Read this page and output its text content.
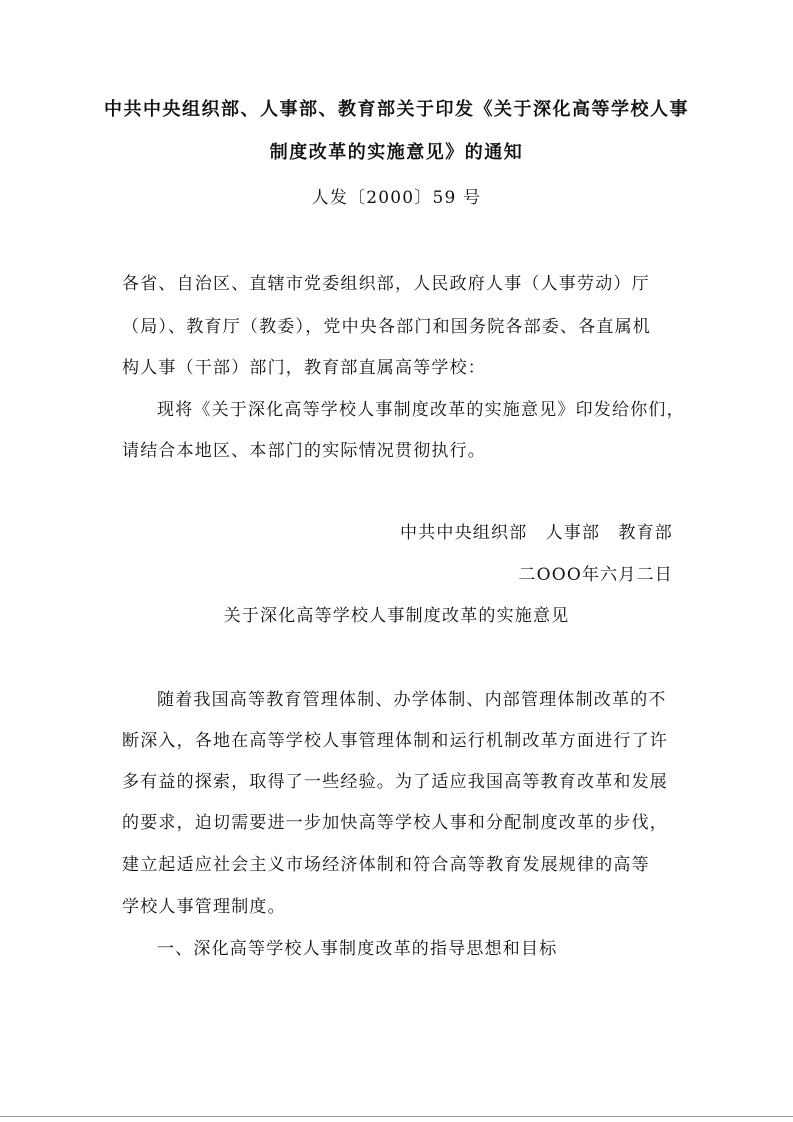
中共中央组织部、人事部、教育部关于印发《关于深化高等学校人事
制度改革的实施意见》的通知
人发〔2000〕59 号
各省、自治区、直辖市党委组织部，人民政府人事（人事劳动）厅
（局）、教育厅（教委），党中央各部门和国务院各部委、各直属机
构人事（干部）部门，教育部直属高等学校：
现将《关于深化高等学校人事制度改革的实施意见》印发给你们，
请结合本地区、本部门的实际情况贯彻执行。
中共中央组织部　人事部　教育部
二OOO年六月二日
关于深化高等学校人事制度改革的实施意见
随着我国高等教育管理体制、办学体制、内部管理体制改革的不
断深入，各地在高等学校人事管理体制和运行机制改革方面进行了许
多有益的探索，取得了一些经验。为了适应我国高等教育改革和发展
的要求，迫切需要进一步加快高等学校人事和分配制度改革的步伐，
建立起适应社会主义市场经济体制和符合高等教育发展规律的高等
学校人事管理制度。
一、深化高等学校人事制度改革的指导思想和目标
